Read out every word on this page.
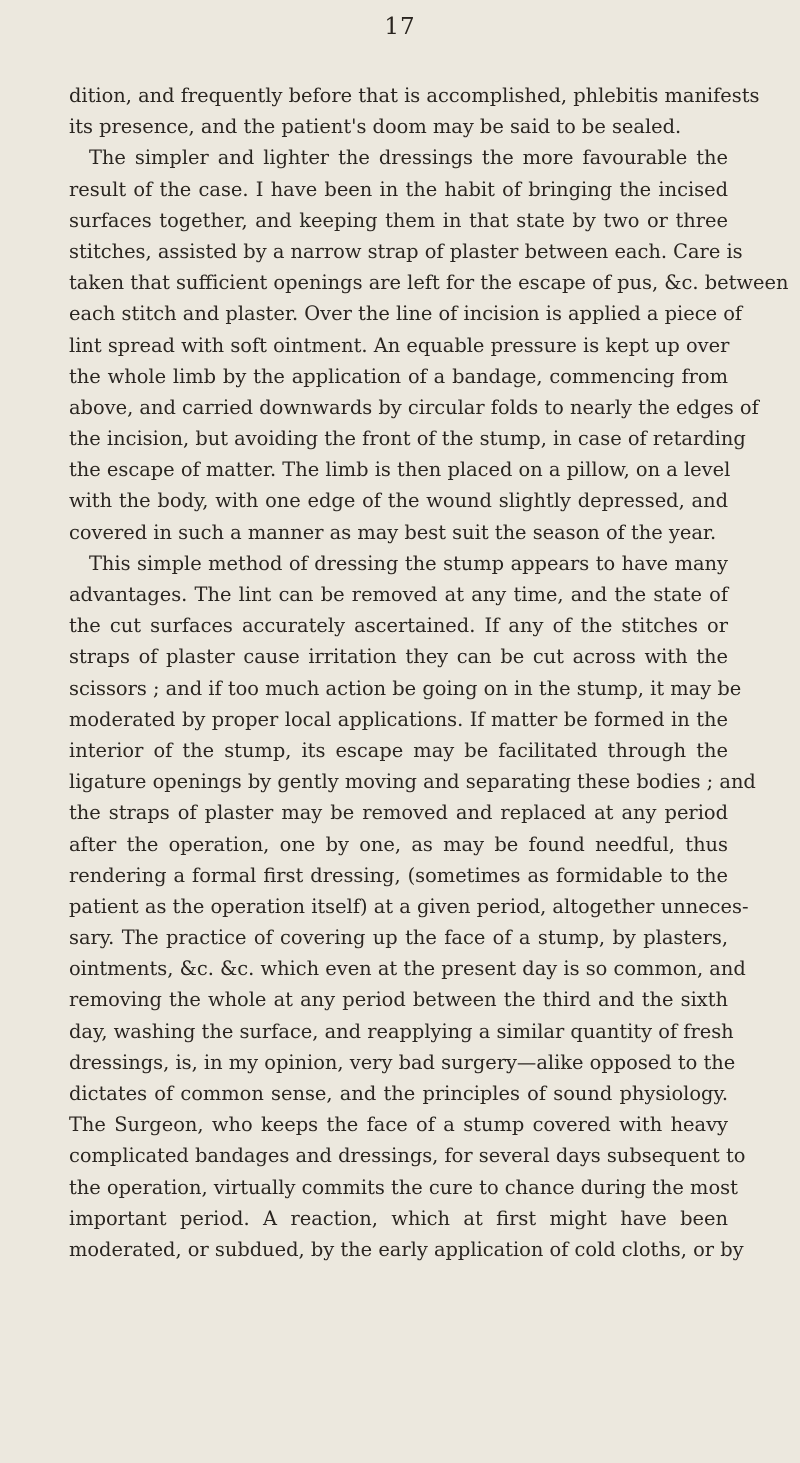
17
dition, and frequently before that is accomplished, phlebitis manifests
its presence, and the patient's doom may be said to be sealed.
The simpler and lighter the dressings the more favourable the
result of the case. I have been in the habit of bringing the incised
surfaces together, and keeping them in that state by two or three
stitches, assisted by a narrow strap of plaster between each. Care is
taken that sufficient openings are left for the escape of pus, &c. between
each stitch and plaster. Over the line of incision is applied a piece of
lint spread with soft ointment. An equable pressure is kept up over
the whole limb by the application of a bandage, commencing from
above, and carried downwards by circular folds to nearly the edges of
the incision, but avoiding the front of the stump, in case of retarding
the escape of matter. The limb is then placed on a pillow, on a level
with the body, with one edge of the wound slightly depressed, and
covered in such a manner as may best suit the season of the year.
This simple method of dressing the stump appears to have many
advantages. The lint can be removed at any time, and the state of
the cut surfaces accurately ascertained. If any of the stitches or
straps of plaster cause irritation they can be cut across with the
scissors ; and if too much action be going on in the stump, it may be
moderated by proper local applications. If matter be formed in the
interior of the stump, its escape may be facilitated through the
ligature openings by gently moving and separating these bodies ; and
the straps of plaster may be removed and replaced at any period
after the operation, one by one, as may be found needful, thus
rendering a formal first dressing, (sometimes as formidable to the
patient as the operation itself) at a given period, altogether unneces-
sary. The practice of covering up the face of a stump, by plasters,
ointments, &c. &c. which even at the present day is so common, and
removing the whole at any period between the third and the sixth
day, washing the surface, and reapplying a similar quantity of fresh
dressings, is, in my opinion, very bad surgery—alike opposed to the
dictates of common sense, and the principles of sound physiology.
The Surgeon, who keeps the face of a stump covered with heavy
complicated bandages and dressings, for several days subsequent to
the operation, virtually commits the cure to chance during the most
important period. A reaction, which at first might have been
moderated, or subdued, by the early application of cold cloths, or by
